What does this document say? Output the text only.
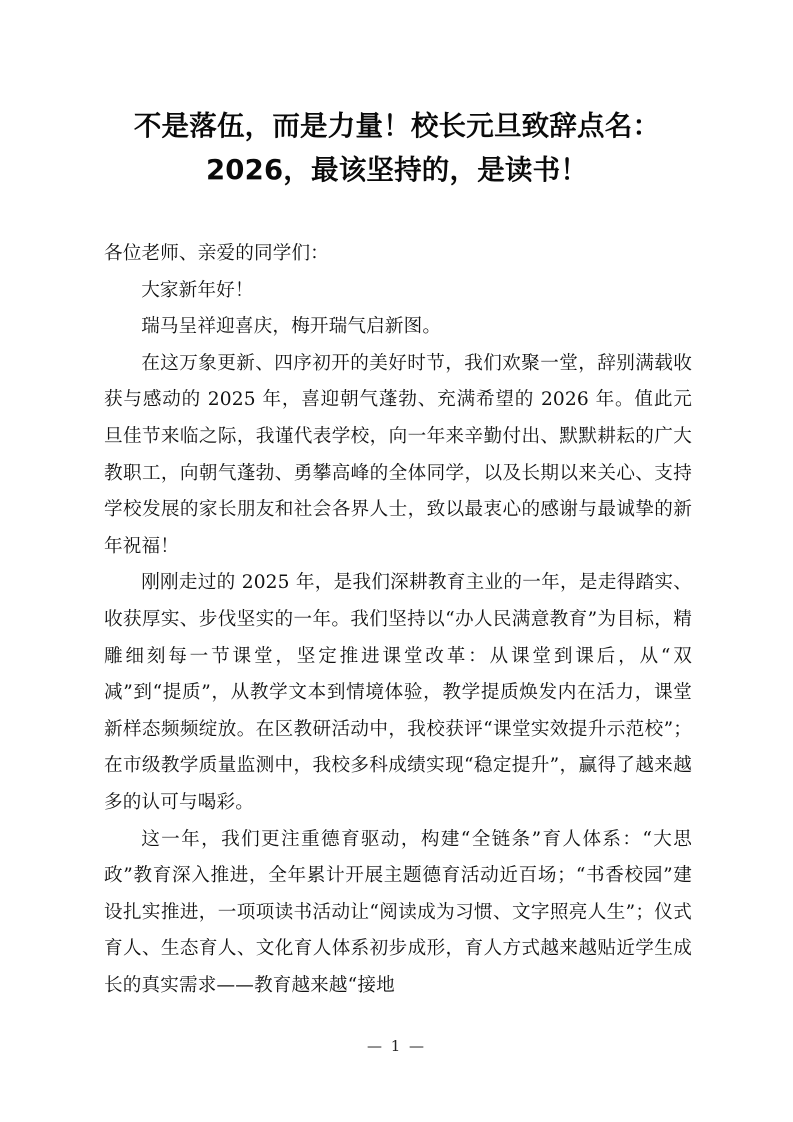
不是落伍，而是力量！校长元旦致辞点名：
2026，最该坚持的，是读书！

各位老师、亲爱的同学们：

大家新年好！

瑞马呈祥迎喜庆，梅开瑞气启新图。

在这万象更新、四序初开的美好时节，我们欢聚一堂，辞别满载收获与感动的 2025 年，喜迎朝气蓬勃、充满希望的 2026 年。值此元旦佳节来临之际，我谨代表学校，向一年来辛勤付出、默默耕耘的广大教职工，向朝气蓬勃、勇攀高峰的全体同学，以及长期以来关心、支持学校发展的家长朋友和社会各界人士，致以最衷心的感谢与最诚挚的新年祝福！

刚刚走过的 2025 年，是我们深耕教育主业的一年，是走得踏实、收获厚实、步伐坚实的一年。我们坚持以“办人民满意教育”为目标，精雕细刻每一节课堂，坚定推进课堂改革：从课堂到课后，从“双减”到“提质”，从教学文本到情境体验，教学提质焕发内在活力，课堂新样态频频绽放。在区教研活动中，我校获评“课堂实效提升示范校”；在市级教学质量监测中，我校多科成绩实现“稳定提升”，赢得了越来越多的认可与喝彩。

这一年，我们更注重德育驱动，构建“全链条”育人体系：“大思政”教育深入推进，全年累计开展主题德育活动近百场；“书香校园”建设扎实推进，一项项读书活动让“阅读成为习惯、文字照亮人生”；仪式育人、生态育人、文化育人体系初步成形，育人方式越来越贴近学生成长的真实需求——教育越来越“接地

— 1 —
